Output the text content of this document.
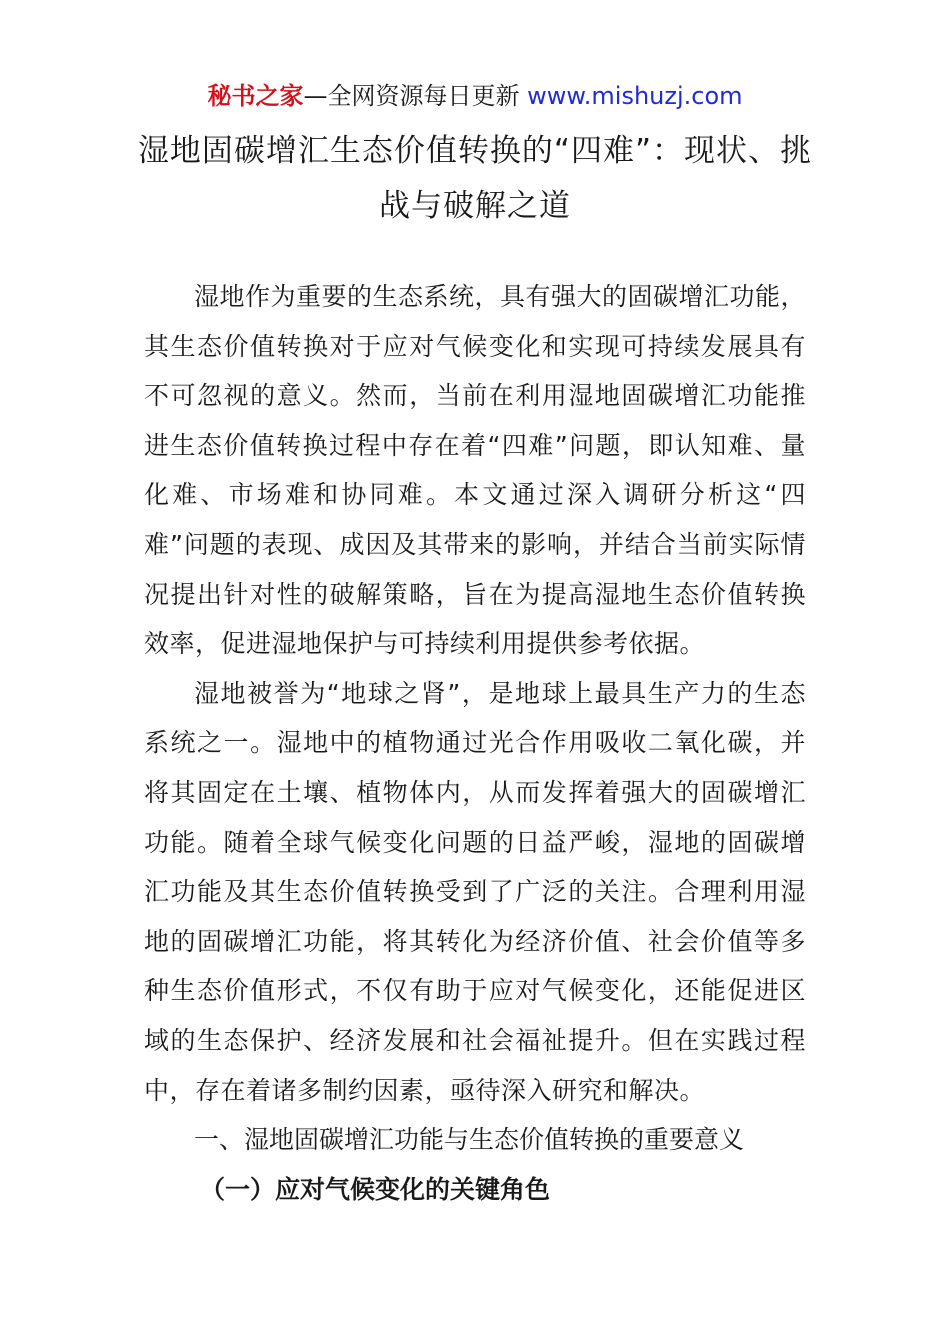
秘书之家—全网资源每日更新 www.mishuzj.com
湿地固碳增汇生态价值转换的“四难”：现状、挑战与破解之道

湿地作为重要的生态系统，具有强大的固碳增汇功能，其生态价值转换对于应对气候变化和实现可持续发展具有不可忽视的意义。然而，当前在利用湿地固碳增汇功能推进生态价值转换过程中存在着“四难”问题，即认知难、量化难、市场难和协同难。本文通过深入调研分析这“四难”问题的表现、成因及其带来的影响，并结合当前实际情况提出针对性的破解策略，旨在为提高湿地生态价值转换效率，促进湿地保护与可持续利用提供参考依据。

湿地被誉为“地球之肾”，是地球上最具生产力的生态系统之一。湿地中的植物通过光合作用吸收二氧化碳，并将其固定在土壤、植物体内，从而发挥着强大的固碳增汇功能。随着全球气候变化问题的日益严峻，湿地的固碳增汇功能及其生态价值转换受到了广泛的关注。合理利用湿地的固碳增汇功能，将其转化为经济价值、社会价值等多种生态价值形式，不仅有助于应对气候变化，还能促进区域的生态保护、经济发展和社会福祉提升。但在实践过程中，存在着诸多制约因素，亟待深入研究和解决。

一、湿地固碳增汇功能与生态价值转换的重要意义

（一）应对气候变化的关键角色
